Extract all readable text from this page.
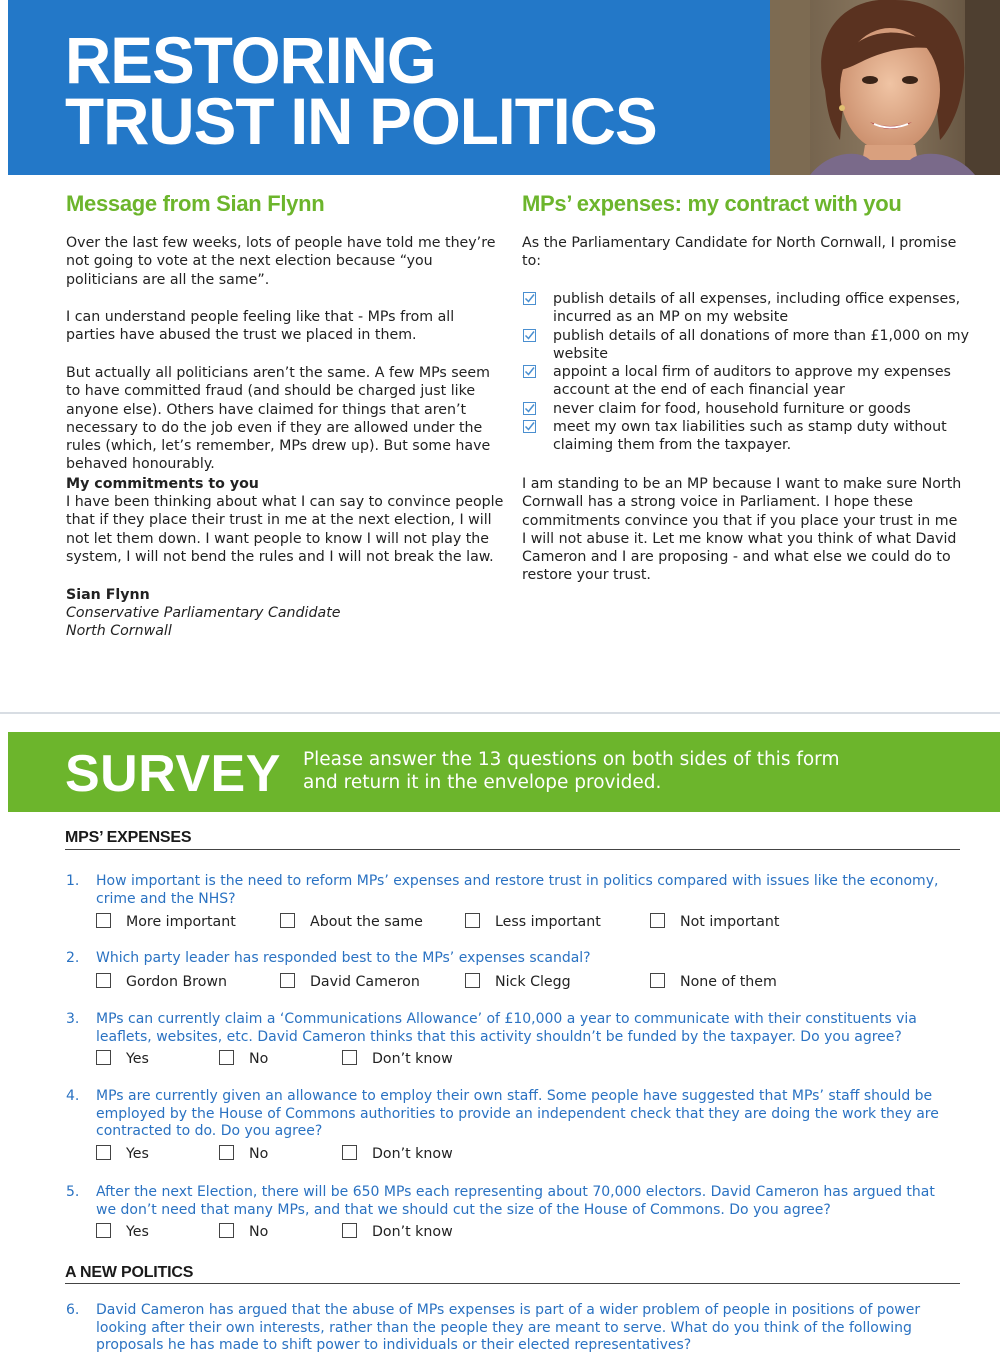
RESTORING
TRUST IN POLITICS
Message from Sian Flynn
Over the last few weeks, lots of people have told me they’re not going to vote at the next election because “you politicians are all the same”.
I can understand people feeling like that - MPs from all parties have abused the trust we placed in them.
But actually all politicians aren’t the same. A few MPs seem to have committed fraud (and should be charged just like anyone else). Others have claimed for things that aren’t necessary to do the job even if they are allowed under the rules (which, let’s remember, MPs drew up). But some have behaved honourably.
My commitments to you
I have been thinking about what I can say to convince people that if they place their trust in me at the next election, I will not let them down. I want people to know I will not play the system, I will not bend the rules and I will not break the law.
Sian Flynn
Conservative Parliamentary Candidate
North Cornwall
MPs’ expenses: my contract with you
As the Parliamentary Candidate for North Cornwall, I promise to:
publish details of all expenses, including office expenses, incurred as an MP on my website
publish details of all donations of more than £1,000 on my website
appoint a local firm of auditors to approve my expenses account at the end of each financial year
never claim for food, household furniture or goods
meet my own tax liabilities such as stamp duty without claiming them from the taxpayer.
I am standing to be an MP because I want to make sure North Cornwall has a strong voice in Parliament. I hope these commitments convince you that if you place your trust in me I will not abuse it. Let me know what you think of what David Cameron and I are proposing - and what else we could do to restore your trust.
SURVEY Please answer the 13 questions on both sides of this form and return it in the envelope provided.
MPS’ EXPENSES
1. How important is the need to reform MPs’ expenses and restore trust in politics compared with issues like the economy, crime and the NHS?
More important	About the same	Less important	Not important
2. Which party leader has responded best to the MPs’ expenses scandal?
Gordon Brown	David Cameron	Nick Clegg	None of them
3. MPs can currently claim a ‘Communications Allowance’ of £10,000 a year to communicate with their constituents via leaflets, websites, etc. David Cameron thinks that this activity shouldn’t be funded by the taxpayer. Do you agree?
Yes	No	Don’t know
4. MPs are currently given an allowance to employ their own staff. Some people have suggested that MPs’ staff should be employed by the House of Commons authorities to provide an independent check that they are doing the work they are contracted to do. Do you agree?
Yes	No	Don’t know
5. After the next Election, there will be 650 MPs each representing about 70,000 electors. David Cameron has argued that we don’t need that many MPs, and that we should cut the size of the House of Commons. Do you agree?
Yes	No	Don’t know
A NEW POLITICS
6. David Cameron has argued that the abuse of MPs expenses is part of a wider problem of people in positions of power looking after their own interests, rather than the people they are meant to serve. What do you think of the following proposals he has made to shift power to individuals or their elected representatives?
